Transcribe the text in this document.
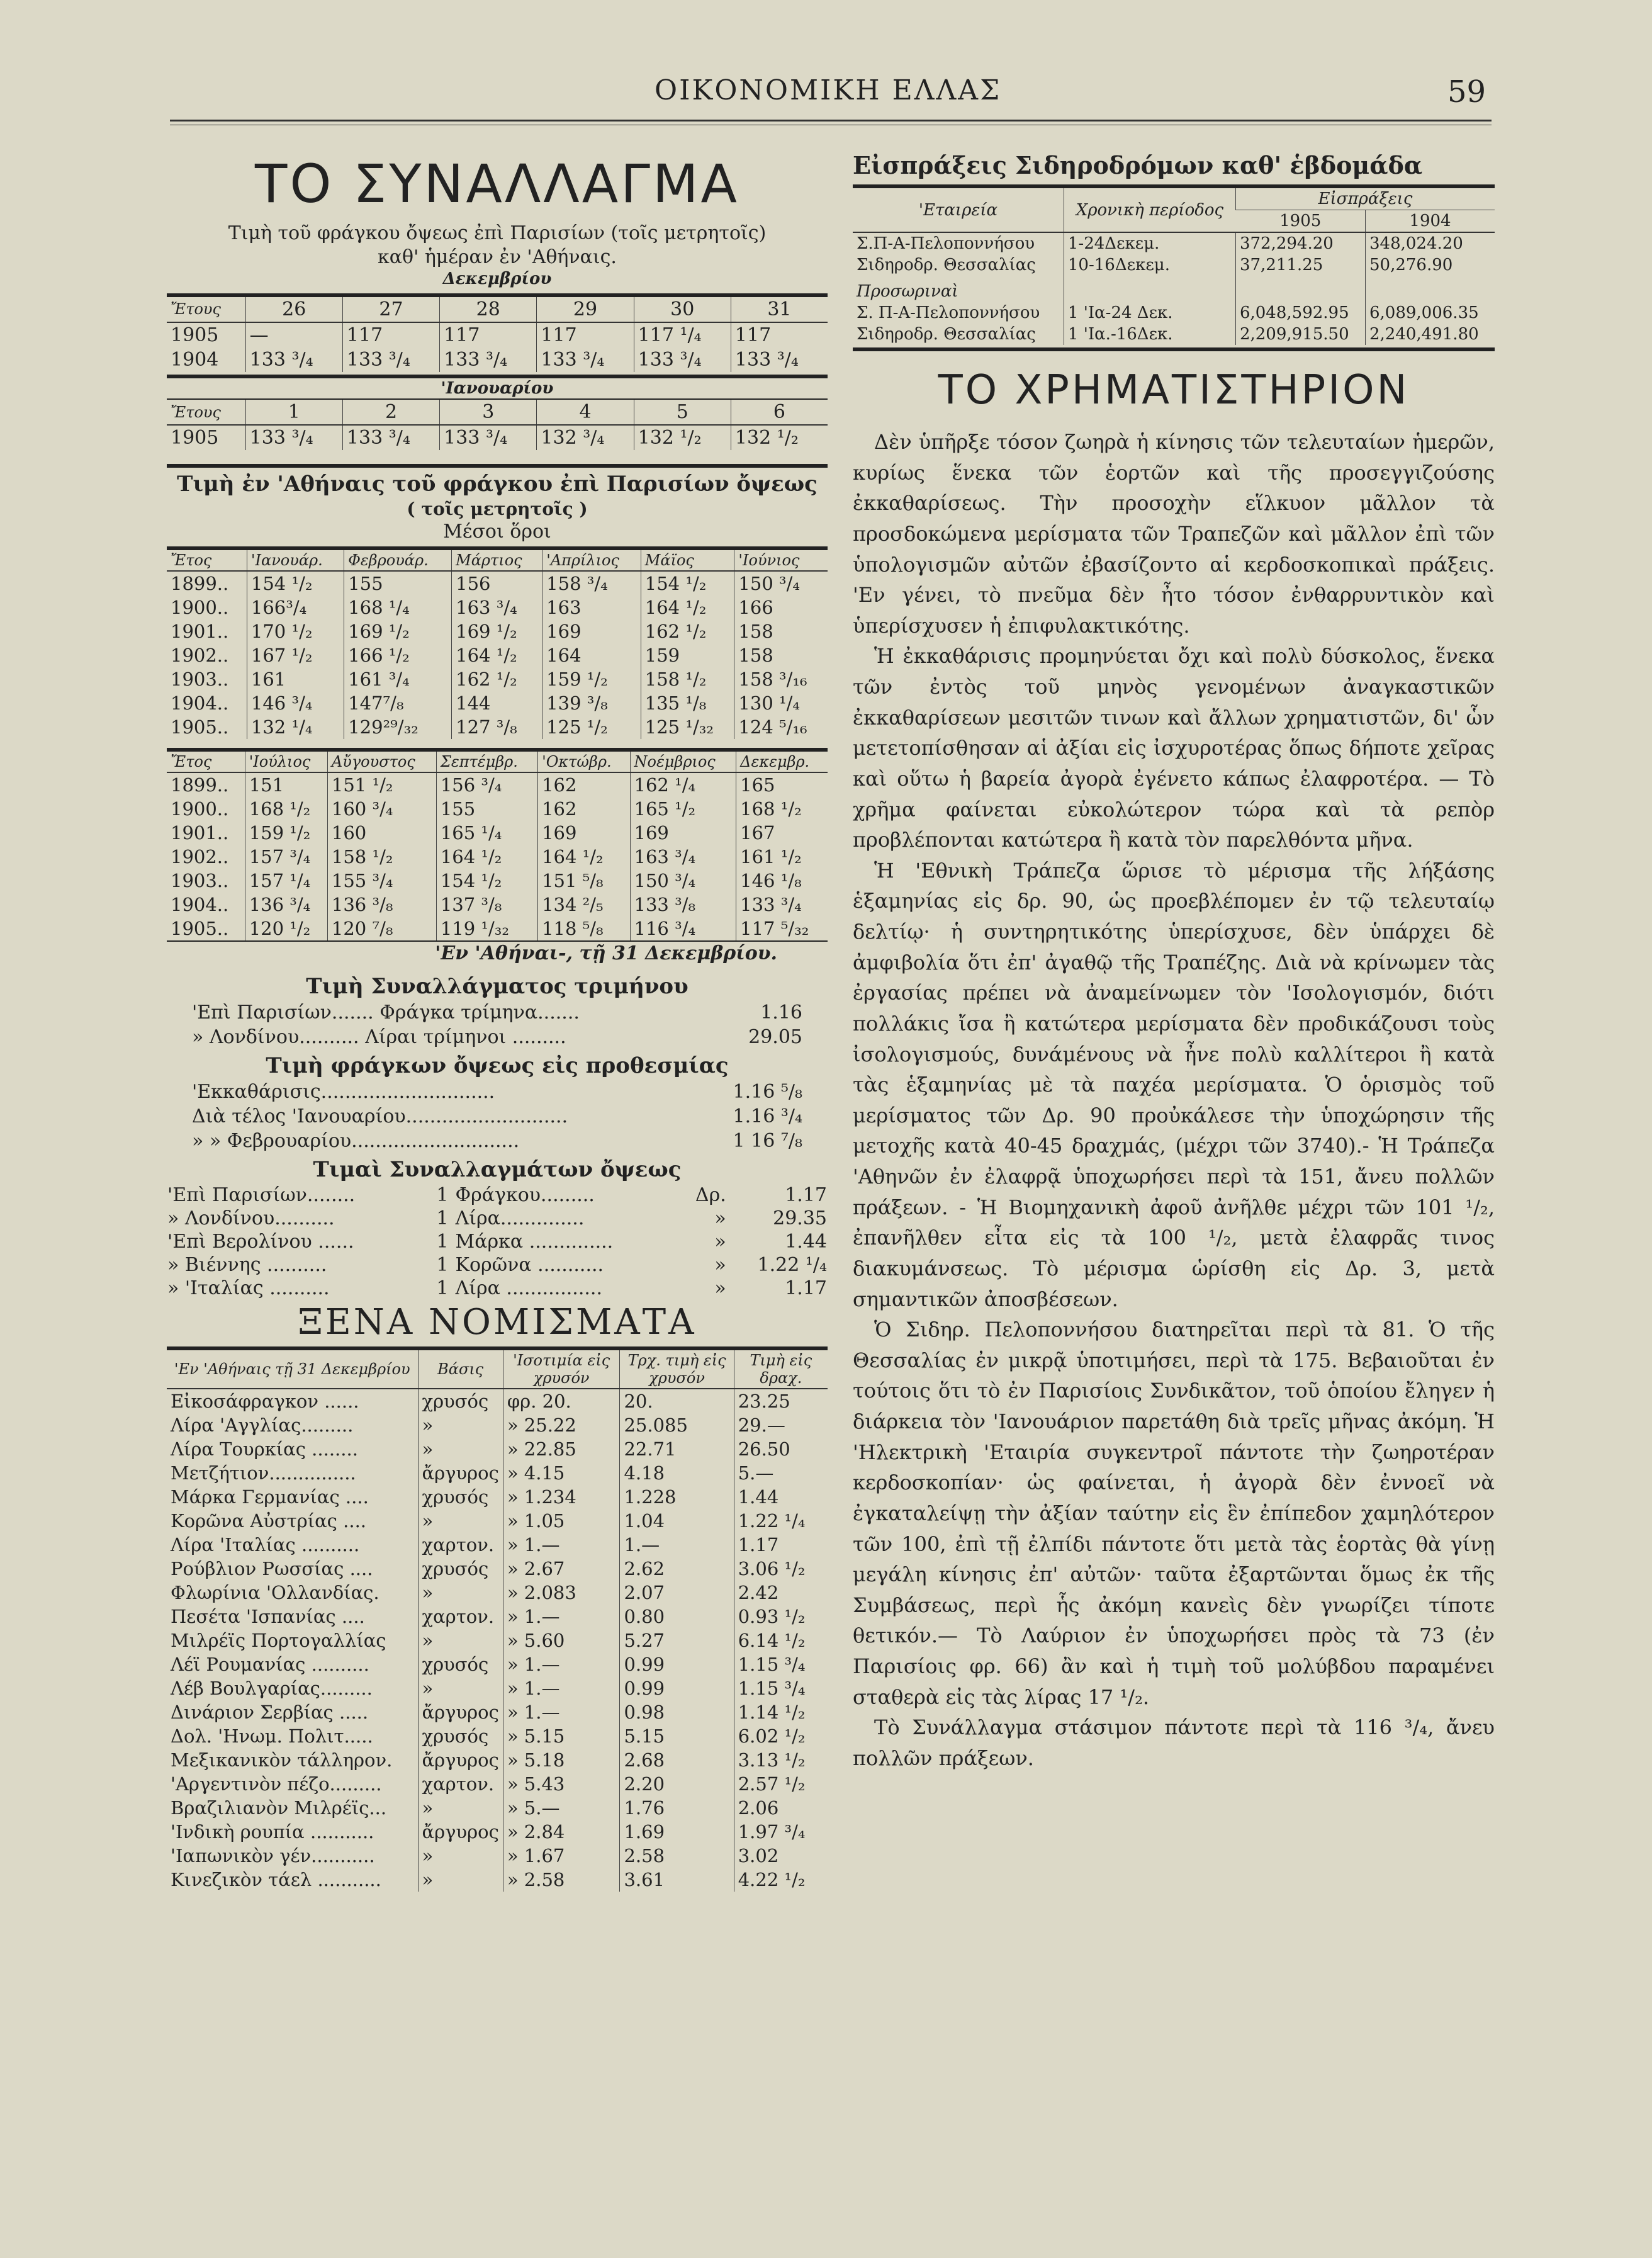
ΟΙΚΟΝΟΜΙΚΗ ΕΛΛΑΣ	59
ΤΟ ΣΥΝΑΛΛΑΓΜΑ
Τιμὴ τοῦ φράγκου ὄψεως ἐπὶ Παρισίων (τοῖς μετρητοῖς)
καθ' ἡμέραν ἐν 'Αθήναις.
Δεκεμβρίου
Ἔτους	26	27	28	29	30	31
1905	—	117	117	117	117 ¹/₄	117
1904	133 ³/₄	133 ³/₄	133 ³/₄	133 ³/₄	133 ³/₄	133 ³/₄
'Ιανουαρίου
Ἔτους	1	2	3	4	5	6
1905	133 ³/₄	133 ³/₄	133 ³/₄	132 ³/₄	132 ¹/₂	132 ¹/₂
Τιμὴ ἐν 'Αθήναις τοῦ φράγκου ἐπὶ Παρισίων ὄψεως
( τοῖς μετρητοῖς )
Μέσοι ὅροι
Ἔτος	'Ιανουάρ.	Φεβρουάρ.	Μάρτιος	'Απρίλιος	Μάϊος	'Ιούνιος
1899..	154 ¹/₂	155	156	158 ³/₄	154 ¹/₂	150 ³/₄
1900..	166³/₄	168 ¹/₄	163 ³/₄	163	164 ¹/₂	166
1901..	170 ¹/₂	169 ¹/₂	169 ¹/₂	169	162 ¹/₂	158
1902..	167 ¹/₂	166 ¹/₂	164 ¹/₂	164	159	158
1903..	161	161 ³/₄	162 ¹/₂	159 ¹/₂	158 ¹/₂	158 ³/₁₆
1904..	146 ³/₄	147⁷/₈	144	139 ³/₈	135 ¹/₈	130 ¹/₄
1905..	132 ¹/₄	129²⁹/₃₂	127 ³/₈	125 ¹/₂	125 ¹/₃₂	124 ⁵/₁₆
Ἔτος	'Ιούλιος	Αὔγουστος	Σεπτέμβρ.	'Οκτώβρ.	Νοέμβριος	Δεκεμβρ.
1899..	151	151 ¹/₂	156 ³/₄	162	162 ¹/₄	165
1900..	168 ¹/₂	160 ³/₄	155	162	165 ¹/₂	168 ¹/₂
1901..	159 ¹/₂	160	165 ¹/₄	169	169	167
1902..	157 ³/₄	158 ¹/₂	164 ¹/₂	164 ¹/₂	163 ³/₄	161 ¹/₂
1903..	157 ¹/₄	155 ³/₄	154 ¹/₂	151 ⁵/₈	150 ³/₄	146 ¹/₈
1904..	136 ³/₄	136 ³/₈	137 ³/₈	134 ²/₅	133 ³/₈	133 ³/₄
1905..	120 ¹/₂	120 ⁷/₈	119 ¹/₃₂	118 ⁵/₈	116 ³/₄	117 ⁵/₃₂
'Εν 'Αθήναι-, τῇ 31 Δεκεμβρίου.
Τιμὴ Συναλλάγματος τριμήνου
'Επὶ Παρισίων....... Φράγκα τρίμηνα.......	1.16
» Λονδίνου.......... Λίραι τρίμηνοι .........	29.05
Τιμὴ φράγκων ὄψεως εἰς προθεσμίας
'Εκκαθάρισις.............................	1.16 ⁵/₈
Διὰ τέλος 'Ιανουαρίου...........................	1.16 ³/₄
» » Φεβρουαρίου............................	1 16 ⁷/₈
Τιμαὶ Συναλλαγμάτων ὄψεως
'Επὶ Παρισίων........	1	Φράγκου.........	Δρ.	1.17
» Λονδίνου..........	1	Λίρα..............	»	29.35
'Επὶ Βερολίνου ......	1	Μάρκα ..............	»	1.44
» Βιέννης ..........	1	Κορῶνα ...........	»	1.22 ¹/₄
» 'Ιταλίας ..........	1	Λίρα ................	»	1.17
ΞΕΝΑ ΝΟΜΙΣΜΑΤΑ
'Εν 'Αθήναις τῇ 31 Δεκεμβρίου	Βάσις	'Ισοτιμία εἰς χρυσόν	Τρχ. τιμὴ εἰς χρυσόν	Τιμὴ εἰς δραχ.
Εἰκοσάφραγκον ......	χρυσός	φρ. 20.	20.	23.25
Λίρα 'Αγγλίας.........	»	» 25.22	25.085	29.—
Λίρα Τουρκίας ........	»	» 22.85	22.71	26.50
Μετζήτιον...............	ἄργυρος	» 4.15	4.18	5.—
Μάρκα Γερμανίας ....	χρυσός	» 1.234	1.228	1.44
Κορῶνα Αὐστρίας ....	»	» 1.05	1.04	1.22 ¹/₄
Λίρα 'Ιταλίας ..........	χαρτον.	» 1.—	1.—	1.17
Ρούβλιον Ρωσσίας ....	χρυσός	» 2.67	2.62	3.06 ¹/₂
Φλωρίνια 'Ολλανδίας.	»	» 2.083	2.07	2.42
Πεσέτα 'Ισπανίας ....	χαρτον.	» 1.—	0.80	0.93 ¹/₂
Μιλρέϊς Πορτογαλλίας	»	» 5.60	5.27	6.14 ¹/₂
Λέϊ Ρουμανίας ..........	χρυσός	» 1.—	0.99	1.15 ³/₄
Λέβ Βουλγαρίας.........	»	» 1.—	0.99	1.15 ³/₄
Δινάριον Σερβίας .....	ἄργυρος	» 1.—	0.98	1.14 ¹/₂
Δολ. 'Ηνωμ. Πολιτ.....	χρυσός	» 5.15	5.15	6.02 ¹/₂
Μεξικανικὸν τάλληρον.	ἄργυρος	» 5.18	2.68	3.13 ¹/₂
'Αργεντινὸν πέζο.........	χαρτον.	» 5.43	2.20	2.57 ¹/₂
Βραζιλιανὸν Μιλρέϊς...	»	» 5.—	1.76	2.06
'Ινδικὴ ρουπία ...........	ἄργυρος	» 2.84	1.69	1.97 ³/₄
'Ιαπωνικὸν γέν...........	»	» 1.67	2.58	3.02
Κινεζικὸν τάελ ...........	»	» 2.58	3.61	4.22 ¹/₂
Εἰσπράξεις Σιδηροδρόμων καθ' ἑβδομάδα
'Εταιρεία	Χρονικὴ περίοδος	Εἰσπράξεις	
		1905	1904
Σ.Π-Α-Πελοποννήσου	1-24Δεκεμ.	372,294.20	348,024.20
Σιδηροδρ. Θεσσαλίας	10-16Δεκεμ.	37,211.25	50,276.90
Προσωριναὶ			
Σ. Π-Α-Πελοποννήσου	1 'Ια-24 Δεκ.	6,048,592.95	6,089,006.35
Σιδηροδρ. Θεσσαλίας	1 'Ια.-16Δεκ.	2,209,915.50	2,240,491.80
ΤΟ ΧΡΗΜΑΤΙΣΤΗΡΙΟΝ

Δὲν ὑπῆρξε τόσον ζωηρὰ ἡ κίνησις τῶν τελευταίων ἡμερῶν, κυρίως ἕνεκα τῶν ἑορτῶν καὶ τῆς προσεγγιζούσης ἐκκαθαρίσεως. Τὴν προσοχὴν εἵλκυον μᾶλλον τὰ προσδοκώμενα μερίσματα τῶν Τραπεζῶν καὶ μᾶλλον ἐπὶ τῶν ὑπολογισμῶν αὐτῶν ἐβασίζοντο αἱ κερδοσκοπικαὶ πράξεις. 'Εν γένει, τὸ πνεῦμα δὲν ἦτο τόσον ἐνθαρρυντικὸν καὶ ὑπερίσχυσεν ἡ ἐπιφυλακτικότης.

Ἡ ἐκκαθάρισις προμηνύεται ὄχι καὶ πολὺ δύσκολος, ἕνεκα τῶν ἐντὸς τοῦ μηνὸς γενομένων ἀναγκαστικῶν ἐκκαθαρίσεων μεσιτῶν τινων καὶ ἄλλων χρηματιστῶν, δι' ὧν μετετοπίσθησαν αἱ ἀξίαι εἰς ἰσχυροτέρας ὅπως δήποτε χεῖρας καὶ οὕτω ἡ βαρεία ἀγορὰ ἐγένετο κάπως ἐλαφροτέρα. — Τὸ χρῆμα φαίνεται εὐκολώτερον τώρα καὶ τὰ ρεπὸρ προβλέπονται κατώτερα ἢ κατὰ τὸν παρελθόντα μῆνα.

Ἡ 'Εθνικὴ Τράπεζα ὥρισε τὸ μέρισμα τῆς λήξάσης ἑξαμηνίας εἰς δρ. 90, ὡς προεβλέπομεν ἐν τῷ τελευταίῳ δελτίῳ· ἡ συντηρητικότης ὑπερίσχυσε, δὲν ὑπάρχει δὲ ἀμφιβολία ὅτι ἐπ' ἀγαθῷ τῆς Τραπέζης. Διὰ νὰ κρίνωμεν τὰς ἐργασίας πρέπει νὰ ἀναμείνωμεν τὸν 'Ισολογισμόν, διότι πολλάκις ἴσα ἢ κατώτερα μερίσματα δὲν προδικάζουσι τοὺς ἰσολογισμούς, δυνάμένους νὰ ἦνε πολὺ καλλίτεροι ἢ κατὰ τὰς ἑξαμηνίας μὲ τὰ παχέα μερίσματα. Ὁ ὁρισμὸς τοῦ μερίσματος τῶν Δρ. 90 προὐκάλεσε τὴν ὑποχώρησιν τῆς μετοχῆς κατὰ 40-45 δραχμάς, (μέχρι τῶν 3740).- Ἡ Τράπεζα 'Αθηνῶν ἐν ἐλαφρᾷ ὑποχωρήσει περὶ τὰ 151, ἄνευ πολλῶν πράξεων. - Ἡ Βιομηχανικὴ ἀφοῦ ἀνῆλθε μέχρι τῶν 101 ¹/₂, ἐπανῆλθεν εἶτα εἰς τὰ 100 ¹/₂, μετὰ ἐλαφρᾶς τινος διακυμάνσεως. Τὸ μέρισμα ὡρίσθη εἰς Δρ. 3, μετὰ σημαντικῶν ἀποσβέσεων.

Ὁ Σιδηρ. Πελοποννήσου διατηρεῖται περὶ τὰ 81. Ὁ τῆς Θεσσαλίας ἐν μικρᾷ ὑποτιμήσει, περὶ τὰ 175. Βεβαιοῦται ἐν τούτοις ὅτι τὸ ἐν Παρισίοις Συνδικᾶτον, τοῦ ὁποίου ἔληγεν ἡ διάρκεια τὸν 'Ιανουάριον παρετάθη διὰ τρεῖς μῆνας ἀκόμη. Ἡ 'Ηλεκτρικὴ 'Εταιρία συγκεντροῖ πάντοτε τὴν ζωηροτέραν κερδοσκοπίαν· ὡς φαίνεται, ἡ ἀγορὰ δὲν ἐννοεῖ νὰ ἐγκαταλείψῃ τὴν ἀξίαν ταύτην εἰς ἓν ἐπίπεδον χαμηλότερον τῶν 100, ἐπὶ τῇ ἐλπίδι πάντοτε ὅτι μετὰ τὰς ἑορτὰς θὰ γίνῃ μεγάλη κίνησις ἐπ' αὐτῶν· ταῦτα ἐξαρτῶνται ὅμως ἐκ τῆς Συμβάσεως, περὶ ἧς ἀκόμη κανεὶς δὲν γνωρίζει τίποτε θετικόν.— Τὸ Λαύριον ἐν ὑποχωρήσει πρὸς τὰ 73 (ἐν Παρισίοις φρ. 66) ἂν καὶ ἡ τιμὴ τοῦ μολύβδου παραμένει σταθερὰ εἰς τὰς λίρας 17 ¹/₂.

Τὸ Συνάλλαγμα στάσιμον πάντοτε περὶ τὰ 116 ³/₄, ἄνευ πολλῶν πράξεων.
